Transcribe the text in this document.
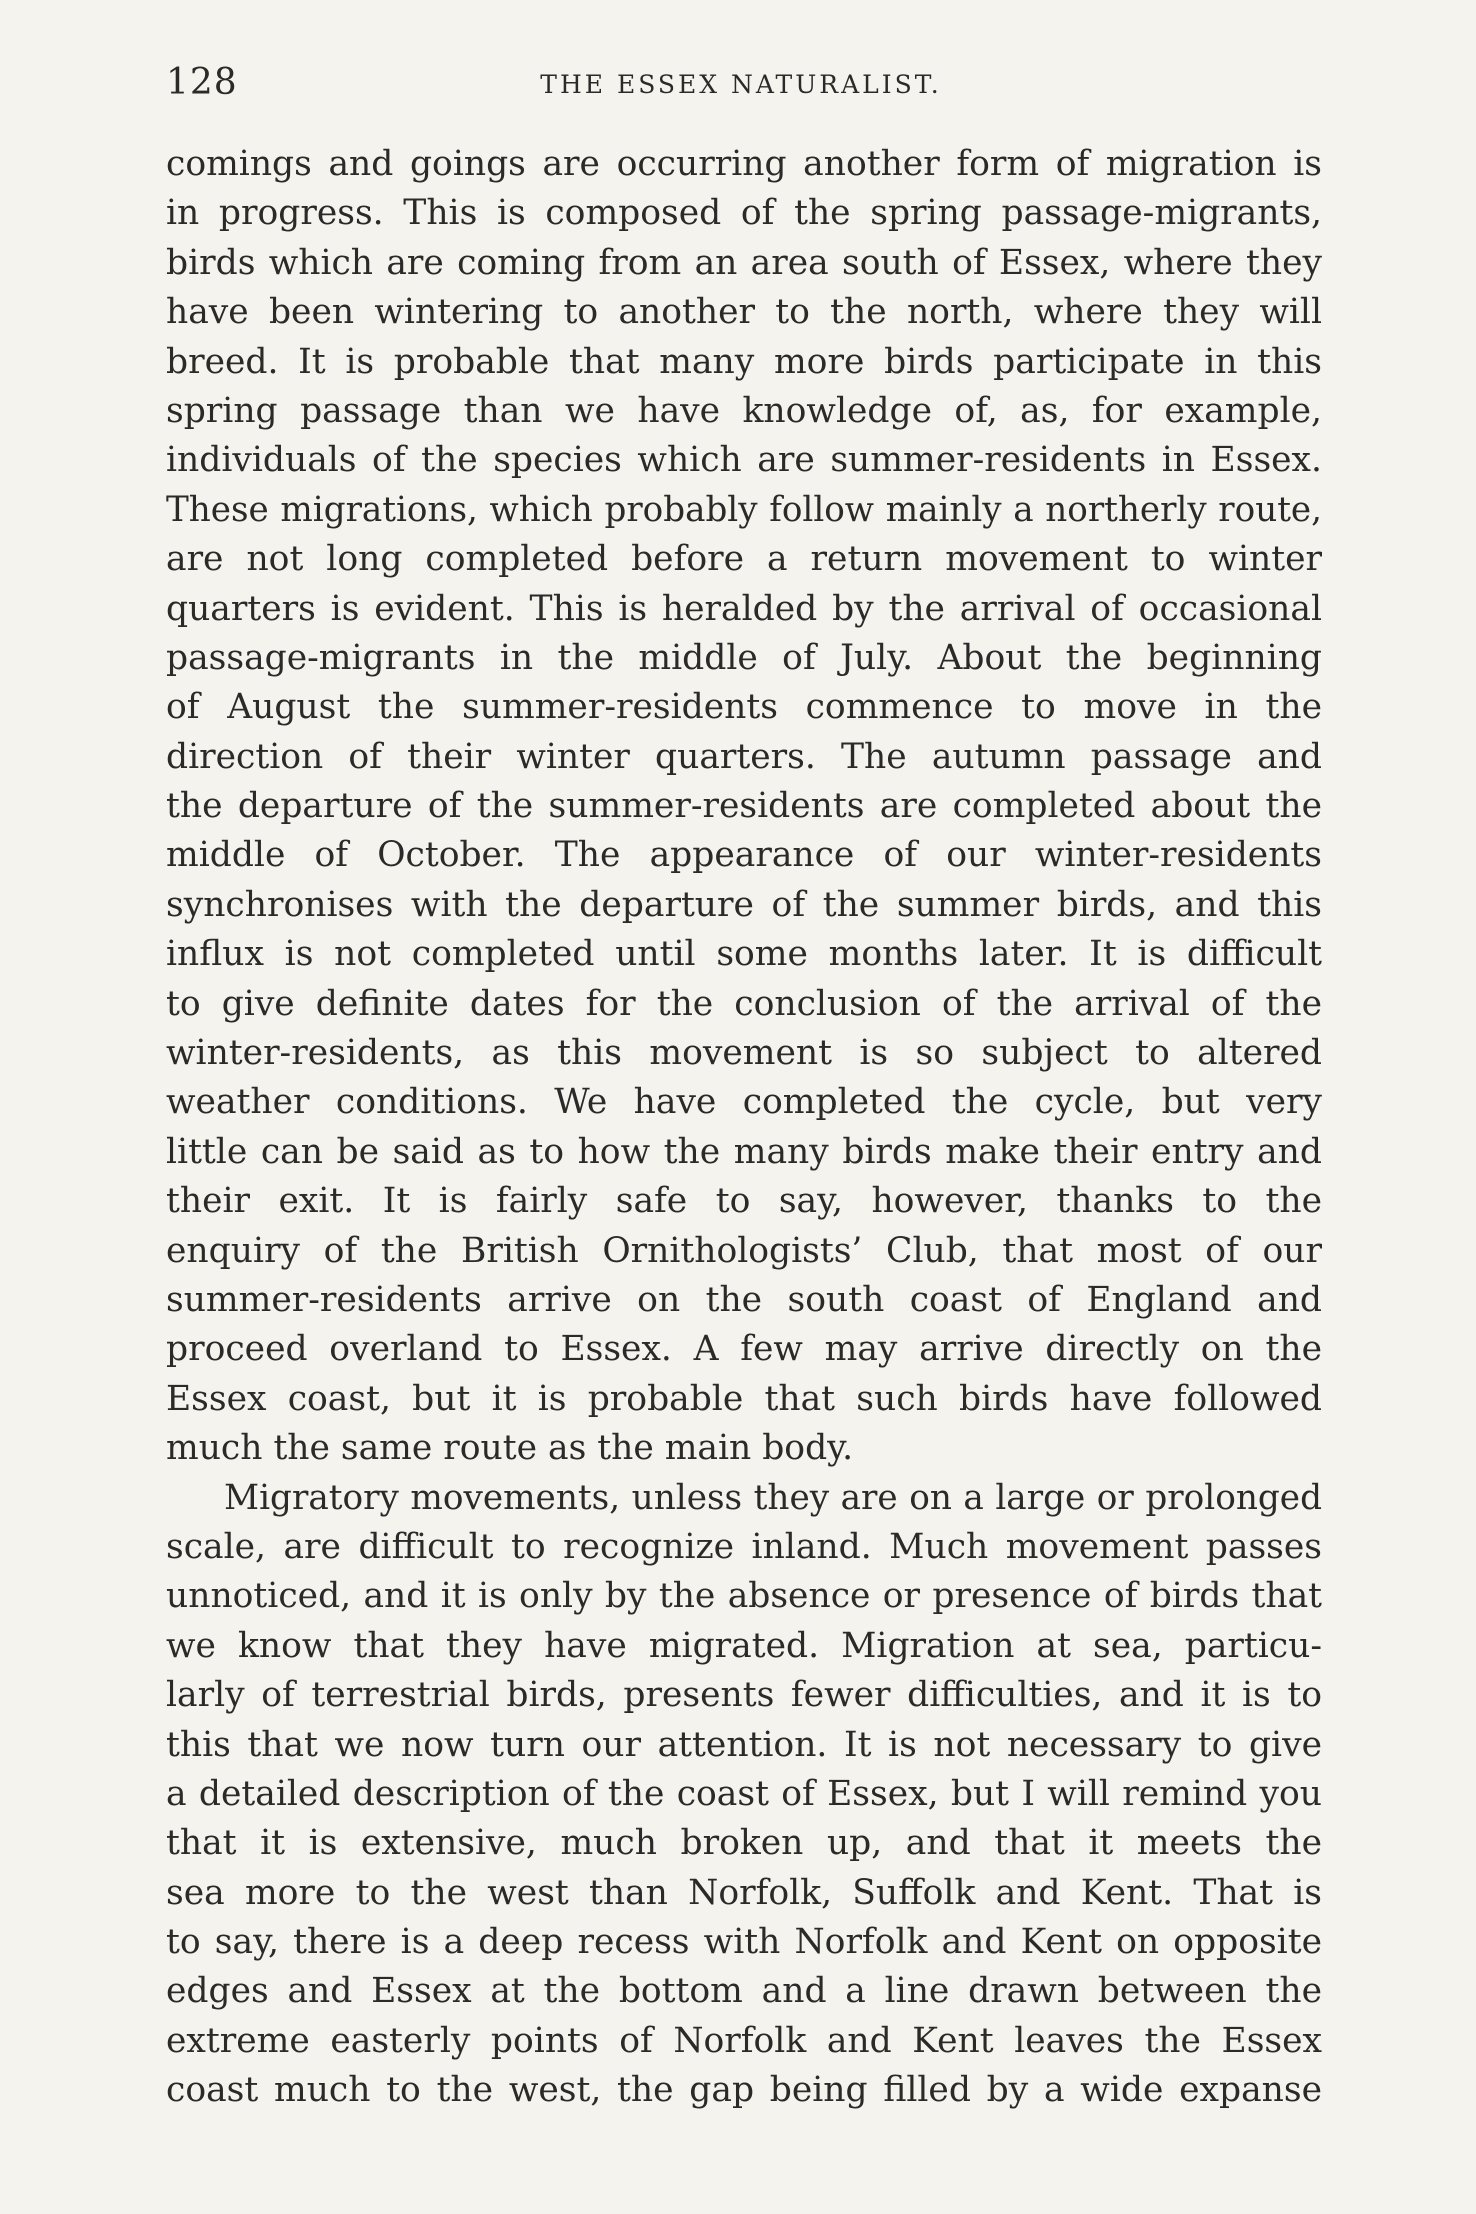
128	THE ESSEX NATURALIST.
comings and goings are occurring another form of migration is
in progress. This is composed of the spring passage-migrants,
birds which are coming from an area south of Essex, where they
have been wintering to another to the north, where they will
breed. It is probable that many more birds participate in this
spring passage than we have knowledge of, as, for example,
individuals of the species which are summer-residents in Essex.
These migrations, which probably follow mainly a northerly route,
are not long completed before a return movement to winter
quarters is evident. This is heralded by the arrival of occasional
passage-migrants in the middle of July. About the beginning
of August the summer-residents commence to move in the
direction of their winter quarters. The autumn passage and
the departure of the summer-residents are completed about the
middle of October. The appearance of our winter-residents
synchronises with the departure of the summer birds, and this
influx is not completed until some months later. It is difficult
to give definite dates for the conclusion of the arrival of the
winter-residents, as this movement is so subject to altered
weather conditions. We have completed the cycle, but very
little can be said as to how the many birds make their entry and
their exit. It is fairly safe to say, however, thanks to the
enquiry of the British Ornithologists’ Club, that most of our
summer-residents arrive on the south coast of England and
proceed overland to Essex. A few may arrive directly on the
Essex coast, but it is probable that such birds have followed
much the same route as the main body.
Migratory movements, unless they are on a large or prolonged
scale, are difficult to recognize inland. Much movement passes
unnoticed, and it is only by the absence or presence of birds that
we know that they have migrated. Migration at sea, particu-
larly of terrestrial birds, presents fewer difficulties, and it is to
this that we now turn our attention. It is not necessary to give
a detailed description of the coast of Essex, but I will remind you
that it is extensive, much broken up, and that it meets the
sea more to the west than Norfolk, Suffolk and Kent. That is
to say, there is a deep recess with Norfolk and Kent on opposite
edges and Essex at the bottom and a line drawn between the
extreme easterly points of Norfolk and Kent leaves the Essex
coast much to the west, the gap being filled by a wide expanse
